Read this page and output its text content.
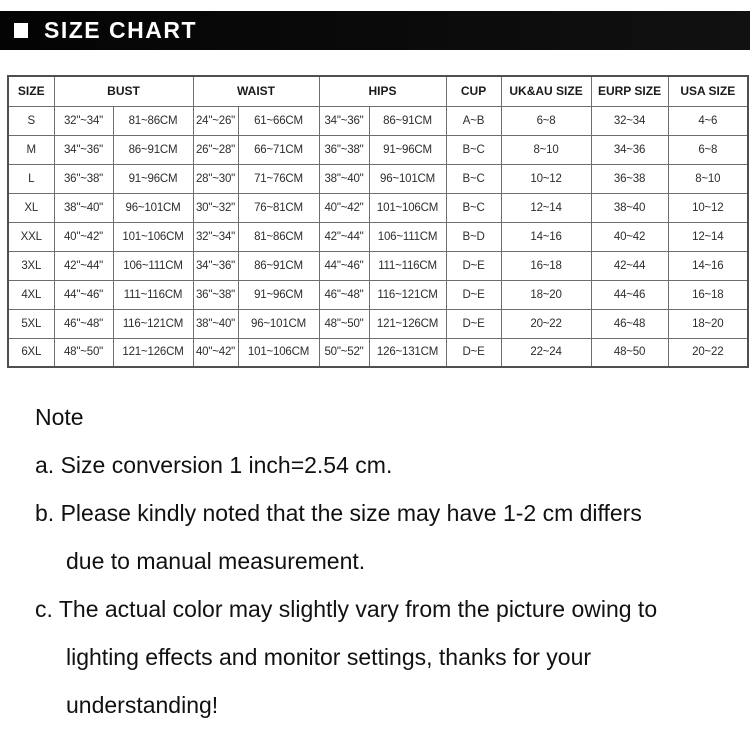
SIZE CHART
SIZE	BUST		WAIST		HIPS		CUP	UK&AU SIZE	EURP SIZE	USA SIZE
S	32"~34"	81~86CM	24"~26"	61~66CM	34"~36"	86~91CM	A~B	6~8	32~34	4~6
M	34"~36"	86~91CM	26"~28"	66~71CM	36"~38"	91~96CM	B~C	8~10	34~36	6~8
L	36"~38"	91~96CM	28"~30"	71~76CM	38"~40"	96~101CM	B~C	10~12	36~38	8~10
XL	38"~40"	96~101CM	30"~32"	76~81CM	40"~42"	101~106CM	B~C	12~14	38~40	10~12
XXL	40"~42"	101~106CM	32"~34"	81~86CM	42"~44"	106~111CM	B~D	14~16	40~42	12~14
3XL	42"~44"	106~111CM	34"~36"	86~91CM	44"~46"	111~116CM	D~E	16~18	42~44	14~16
4XL	44"~46"	111~116CM	36"~38"	91~96CM	46"~48"	116~121CM	D~E	18~20	44~46	16~18
5XL	46"~48"	116~121CM	38"~40"	96~101CM	48"~50"	121~126CM	D~E	20~22	46~48	18~20
6XL	48"~50"	121~126CM	40"~42"	101~106CM	50"~52"	126~131CM	D~E	22~24	48~50	20~22
Note
a. Size conversion 1 inch=2.54 cm.
b. Please kindly noted that the size may have 1-2 cm differs
due to manual measurement.
c. The actual color may slightly vary from the picture owing to
lighting effects and monitor settings, thanks for your
understanding!
